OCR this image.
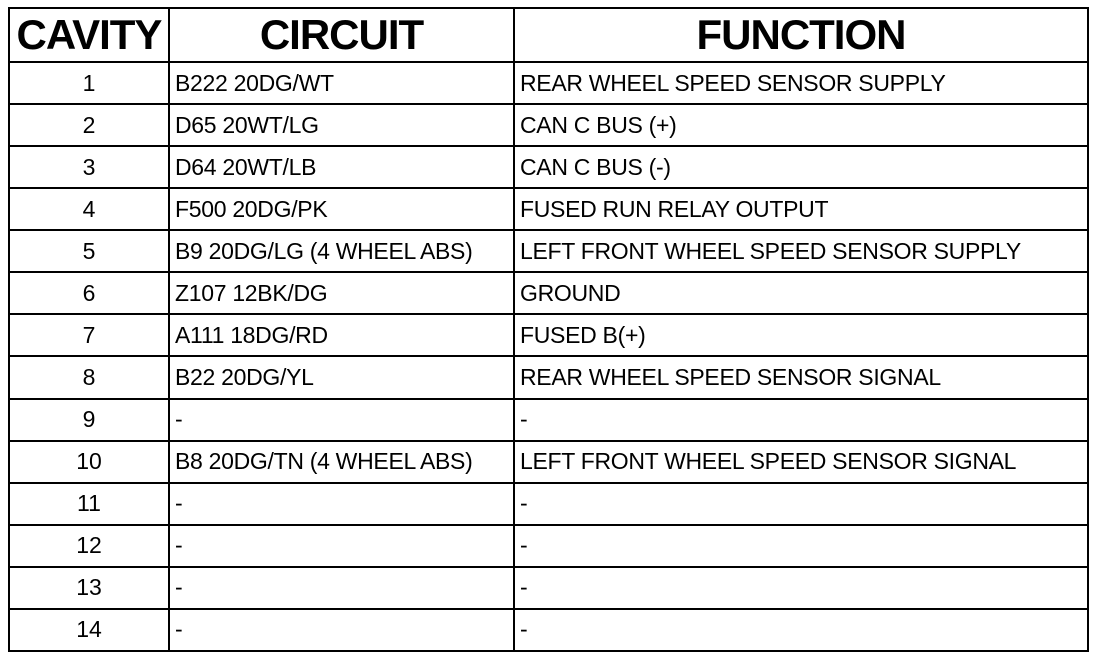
CAVITY	CIRCUIT	FUNCTION
1	B222 20DG/WT	REAR WHEEL SPEED SENSOR SUPPLY
2	D65 20WT/LG	CAN C BUS (+)
3	D64 20WT/LB	CAN C BUS (-)
4	F500 20DG/PK	FUSED RUN RELAY OUTPUT
5	B9 20DG/LG (4 WHEEL ABS)	LEFT FRONT WHEEL SPEED SENSOR SUPPLY
6	Z107 12BK/DG	GROUND
7	A111 18DG/RD	FUSED B(+)
8	B22 20DG/YL	REAR WHEEL SPEED SENSOR SIGNAL
9	-	-
10	B8 20DG/TN (4 WHEEL ABS)	LEFT FRONT WHEEL SPEED SENSOR SIGNAL
11	-	-
12	-	-
13	-	-
14	-	-
